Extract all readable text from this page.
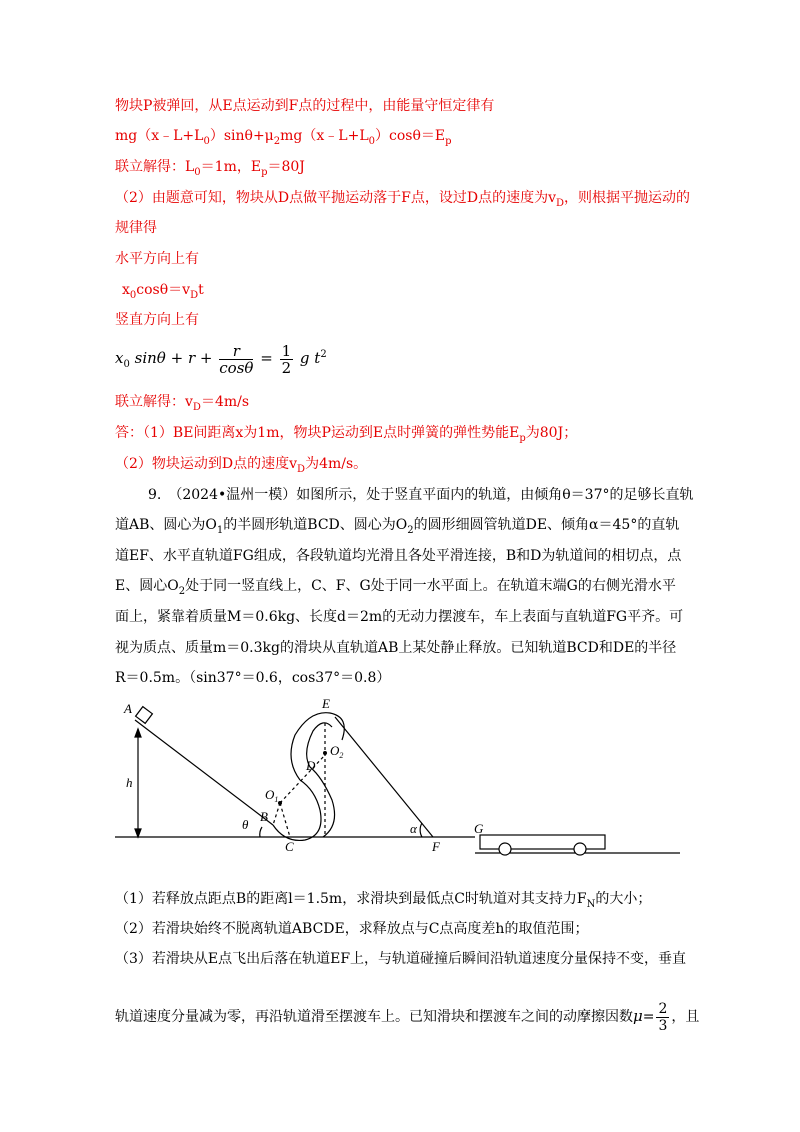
物块P被弹回，从E点运动到F点的过程中，由能量守恒定律有
$mg(x﹣L+L_0)\sin\theta+\mu_2mg(x﹣L+L_0)\cos\theta=E_p$
联立解得：$L_0=1m$，$E_p=80J$
（2）由题意可知，物块从D点做平抛运动落于F点，设过D点的速度为$v_D$，则根据平抛运动的
规律得
水平方向上有
$x_0\cos\theta=v_Dt$
竖直方向上有
$x_0$ $\sin\theta + r + \frac{r}{\cos\theta} = \frac{1}{2}$ g $t^2$
联立解得：$v_D=4m/s$
答：（1）BE间距离x为1m，物块P运动到E点时弹簧的弹性势能$E_p$为80J；
（2）物块运动到D点的速度$v_D$为4m/s。
9.　（2024•温州一模）如图所示，处于竖直平面内的轨道，由倾角θ＝37°的足够长直轨
道AB、圆心为$O_1$的半圆形轨道BCD、圆心为$O_2$的圆形细圆管轨道DE、倾角α＝45°的直轨
道EF、水平直轨道FG组成，各段轨道均光滑且各处平滑连接，B和D为轨道间的相切点，点
E、圆心$O_2$处于同一竖直线上，C、F、G处于同一水平面上。在轨道末端G的右侧光滑水平
面上，紧靠着质量M＝0.6kg、长度d＝2m的无动力摆渡车，车上表面与直轨道FG平齐。可
视为质点、质量m＝0.3kg的滑块从直轨道AB上某处静止释放。已知轨道BCD和DE的半径
R＝0.5m。（sin37°＝0.6，cos37°＝0.8）
A
h
B
θ
C
D
E
$O_1$
$O_2$
α
F
G
（1）若释放点距点B的距离l＝1.5m，求滑块到最低点C时轨道对其支持力$F_N$的大小；
（2）若滑块始终不脱离轨道ABCDE，求释放点与C点高度差h的取值范围；
（3）若滑块从E点飞出后落在轨道EF上，与轨道碰撞后瞬间沿轨道速度分量保持不变，垂直
轨道速度分量减为零，再沿轨道滑至摆渡车上。已知滑块和摆渡车之间的动摩擦因数$\mu= \frac{2}{3}$ ，且
